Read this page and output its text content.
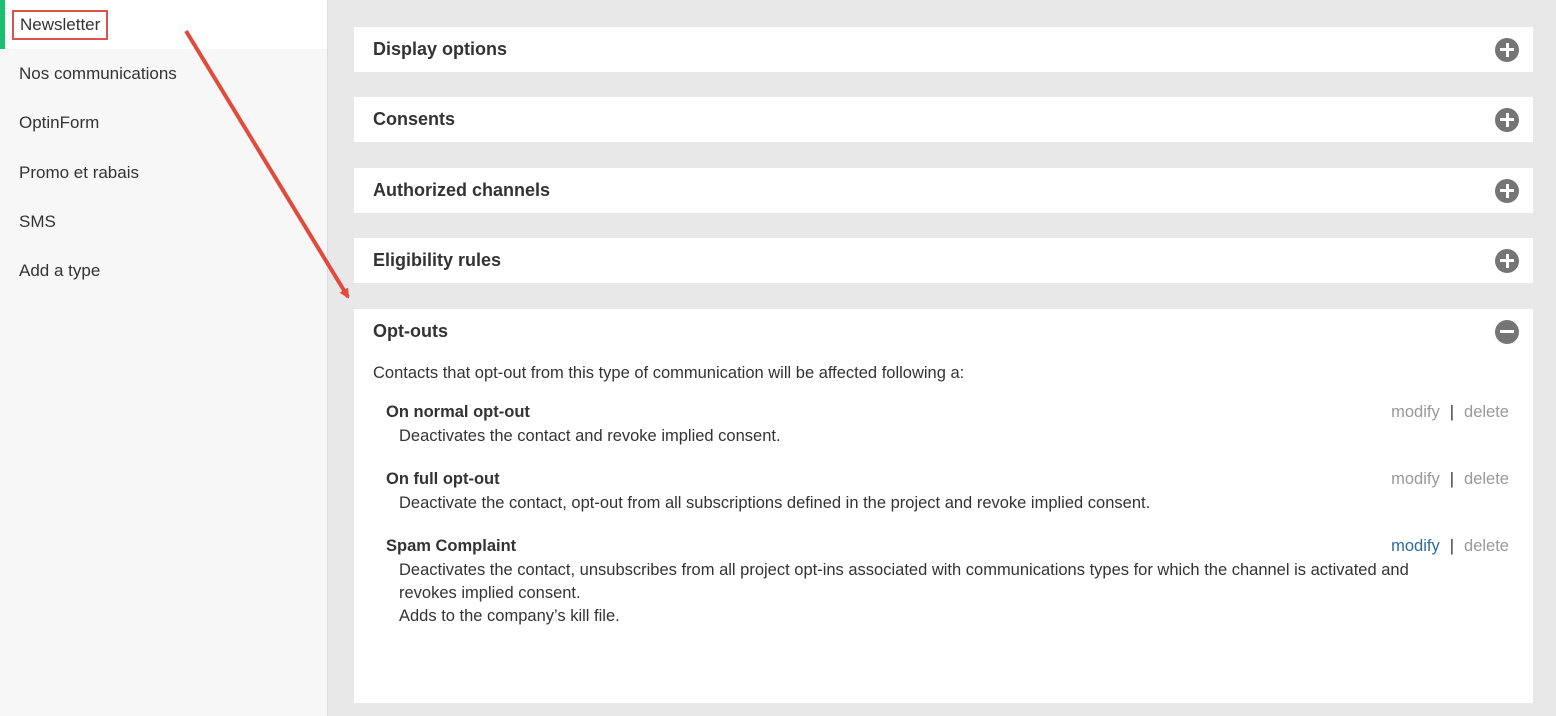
Newsletter
Nos communications
OptinForm
Promo et rabais
SMS
Add a type
Display options
Consents
Authorized channels
Eligibility rules
Opt-outs
Contacts that opt-out from this type of communication will be affected following a:
On normal opt-out	modify | delete
Deactivates the contact and revoke implied consent.
On full opt-out	modify | delete
Deactivate the contact, opt-out from all subscriptions defined in the project and revoke implied consent.
Spam Complaint	modify | delete
Deactivates the contact, unsubscribes from all project opt-ins associated with communications types for which the channel is activated and
revokes implied consent.
Adds to the company’s kill file.
